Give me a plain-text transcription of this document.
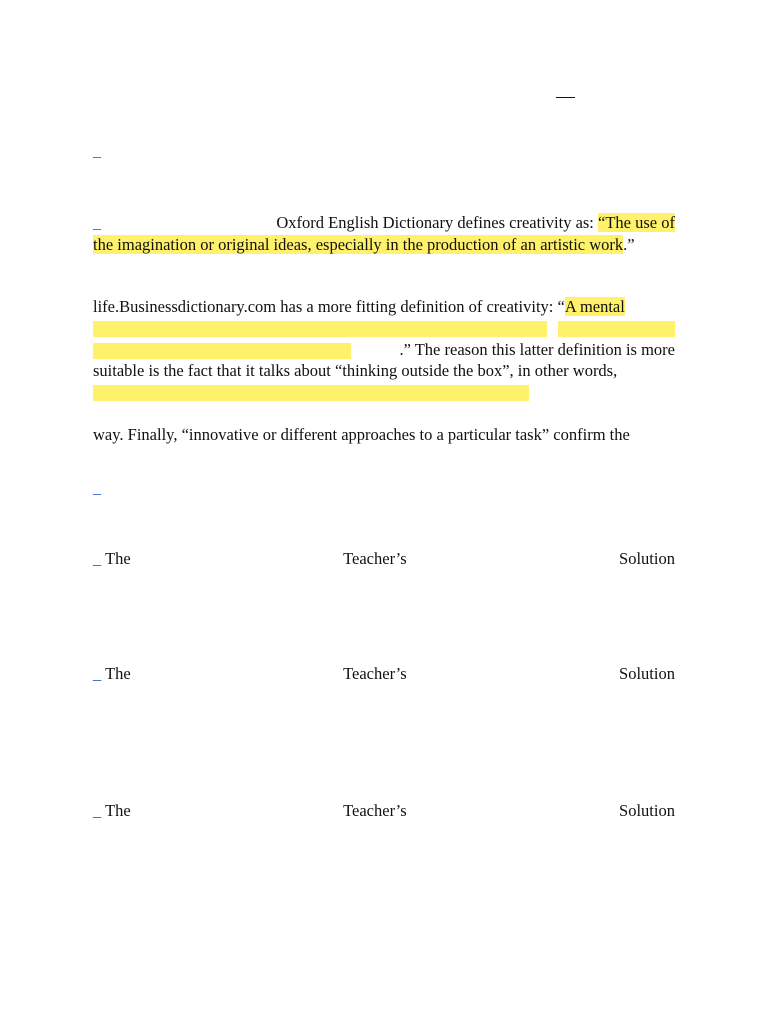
_
_	Oxford English Dictionary defines creativity as: “The use of
the imagination or original ideas, especially in the production of an artistic work.”
life.Businessdictionary.com has a more fitting definition of creativity: “A mental
.” The reason this latter definition is more
suitable is the fact that it talks about “thinking outside the box”, in other words,
way. Finally, “innovative or different approaches to a particular task” confirm the
_
_ The	Teacher’s	Solution
_ The	Teacher’s	Solution
_ The	Teacher’s	Solution
